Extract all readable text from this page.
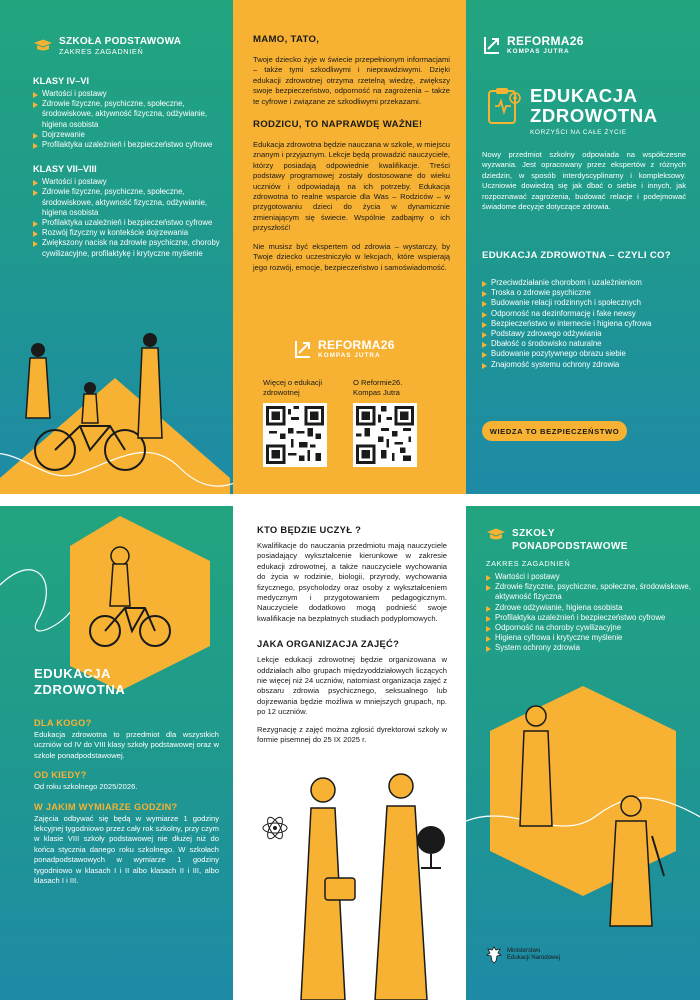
SZKOŁA PODSTAWOWA
ZAKRES ZAGADNIEŃ
KLASY IV–VI
Wartości i postawy
Zdrowie fizyczne, psychiczne, społeczne, środowiskowe, aktywność fizyczna, odżywianie, higiena osobista
Dojrzewanie
Profilaktyka uzależnień i bezpieczeństwo cyfrowe
KLASY VII–VIII
Wartości i postawy
Zdrowie fizyczne, psychiczne, społeczne, środowiskowe, aktywność fizyczna, odżywianie, higiena osobista
Profilaktyka uzależnień i bezpieczeństwo cyfrowe
Rozwój fizyczny w kontekście dojrzewania
Zwiększony nacisk na zdrowie psychiczne, choroby cywilizacyjne, profilaktykę i krytyczne myślenie
MAMO, TATO,

Twoje dziecko żyje w świecie przepełnionym informacjami – także tymi szkodliwymi i nieprawdziwymi. Dzięki edukacji zdrowotnej otrzyma rzetelną wiedzę, zwiększy swoje bezpieczeństwo, odporność na zagrożenia – także te cyfrowe i związane ze szkodliwymi przekazami.

RODZICU, TO NAPRAWDĘ WAŻNE!

Edukacja zdrowotna będzie nauczana w szkole, w miejscu znanym i przyjaznym. Lekcje będą prowadzić nauczyciele, którzy posiadają odpowiednie kwalifikacje. Treści podstawy programowej zostały dostosowane do wieku uczniów i odpowiadają na ich potrzeby. Edukacja zdrowotna to realne wsparcie dla Was – Rodziców – w przygotowaniu dzieci do życia w dynamicznie zmieniającym się świecie. Wspólnie zadbajmy o ich przyszłość!

Nie musisz być ekspertem od zdrowia – wystarczy, by Twoje dziecko uczestniczyło w lekcjach, które wspierają jego rozwój, emocje, bezpieczeństwo i samoświadomość.

REFORMA26
KOMPAS JUTRA
Więcej o edukacji zdrowotnej
O Reformie26. Kompas Jutra
REFORMA26
KOMPAS JUTRA
EDUKACJA
ZDROWOTNA
KORZYŚCI NA CAŁE ŻYCIE

Nowy przedmiot szkolny odpowiada na współczesne wyzwania. Jest opracowany przez ekspertów z różnych dziedzin, w sposób interdyscyplinarny i kompleksowy. Uczniowie dowiedzą się jak dbać o siebie i innych, jak rozpoznawać zagrożenia, budować relacje i podejmować świadome decyzje dotyczące zdrowia.

EDUKACJA ZDROWOTNA – CZYLI CO?
Przeciwdziałanie chorobom i uzależnieniom
Troska o zdrowie psychiczne
Budowanie relacji rodzinnych i społecznych
Odporność na dezinformację i fake newsy
Bezpieczeństwo w internecie i higiena cyfrowa
Podstawy zdrowego odżywiania
Dbałość o środowisko naturalne
Budowanie pozytywnego obrazu siebie
Znajomość systemu ochrony zdrowia
WIEDZA TO BEZPIECZEŃSTWO
EDUKACJA
ZDROWOTNA
DLA KOGO?

Edukacja zdrowotna to przedmiot dla wszystkich uczniów od IV do VIII klasy szkoły podstawowej oraz w szkole ponadpodstawowej.

OD KIEDY?

Od roku szkolnego 2025/2026.

W JAKIM WYMIARZE GODZIN?

Zajęcia odbywać się będą w wymiarze 1 godziny lekcyjnej tygodniowo przez cały rok szkolny, przy czym w klasie VIII szkoły podstawowej nie dłużej niż do końca stycznia danego roku szkolnego. W szkołach ponadpodstawowych w wymiarze 1 godziny tygodniowo w klasach I i II albo klasach II i III, albo klasach I i III.

KTO BĘDZIE UCZYŁ ?

Kwalifikacje do nauczania przedmiotu mają nauczyciele posiadający wykształcenie kierunkowe w zakresie edukacji zdrowotnej, a także nauczyciele wychowania do życia w rodzinie, biologii, przyrody, wychowania fizycznego, psycholodzy oraz osoby z wykształceniem medycznym i przygotowaniem pedagogicznym. Nauczyciele dodatkowo mogą podnieść swoje kwalifikacje na bezpłatnych studiach podyplomowych.

JAKA ORGANIZACJA ZAJĘĆ?

Lekcje edukacji zdrowotnej będzie organizowana w oddziałach albo grupach międzyoddziałowych liczących nie więcej niż 24 uczniów, natomiast organizacja zajęć z obszaru zdrowia psychicznego, seksualnego lub dojrzewania będzie możliwa w mniejszych grupach, np. po 12 uczniów.

Rezygnację z zajęć można zgłosić dyrektorowi szkoły w formie pisemnej do 25 IX 2025 r.

SZKOŁY
PONADPODSTAWOWE
ZAKRES ZAGADNIEŃ
Wartości i postawy
Zdrowie fizyczne, psychiczne, społeczne, środowiskowe, aktywność fizyczna
Zdrowe odżywianie, higiena osobista
Profilaktyka uzależnień i bezpieczeństwo cyfrowe
Odporność na choroby cywilizacyjne
Higiena cyfrowa i krytyczne myślenie
System ochrony zdrowia
Ministerstwo
Edukacji Narodowej
